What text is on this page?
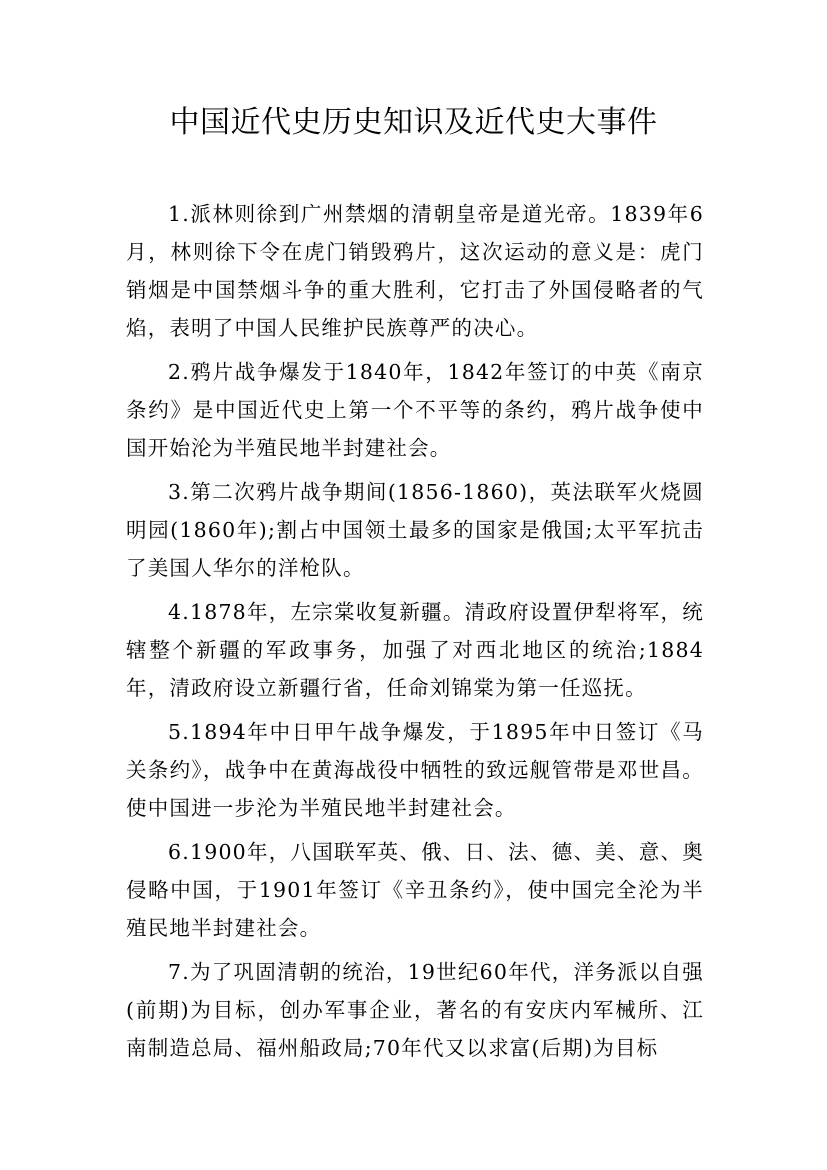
中国近代史历史知识及近代史大事件

1.派林则徐到广州禁烟的清朝皇帝是道光帝。1839年6月，林则徐下令在虎门销毁鸦片，这次运动的意义是：虎门销烟是中国禁烟斗争的重大胜利，它打击了外国侵略者的气焰，表明了中国人民维护民族尊严的决心。

2.鸦片战争爆发于1840年，1842年签订的中英《南京条约》是中国近代史上第一个不平等的条约，鸦片战争使中国开始沦为半殖民地半封建社会。

3.第二次鸦片战争期间(1856-1860)，英法联军火烧圆明园(1860年);割占中国领土最多的国家是俄国;太平军抗击了美国人华尔的洋枪队。

4.1878年，左宗棠收复新疆。清政府设置伊犁将军，统辖整个新疆的军政事务，加强了对西北地区的统治;1884年，清政府设立新疆行省，任命刘锦棠为第一任巡抚。

5.1894年中日甲午战争爆发，于1895年中日签订《马关条约》，战争中在黄海战役中牺牲的致远舰管带是邓世昌。使中国进一步沦为半殖民地半封建社会。

6.1900年，八国联军英、俄、日、法、德、美、意、奥侵略中国，于1901年签订《辛丑条约》，使中国完全沦为半殖民地半封建社会。

7.为了巩固清朝的统治，19世纪60年代，洋务派以自强(前期)为目标，创办军事企业，著名的有安庆内军械所、江南制造总局、福州船政局;70年代又以求富(后期)为目标
